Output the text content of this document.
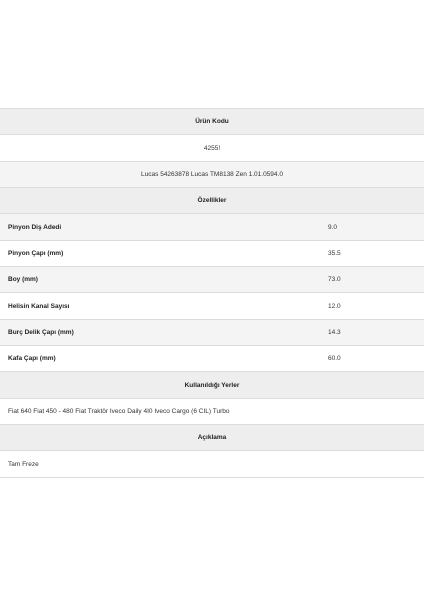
Ürün Kodu
4255!
Lucas 54263878 Lucas TM8138 Zen 1.01.0594.0
Özellikler
Pinyon Diş Adedi	9.0
Pinyon Çapı (mm)	35.5
Boy (mm)	73.0
Helisin Kanal Sayısı	12.0
Burç Delik Çapı (mm)	14.3
Kafa Çapı (mm)	60.0
Kullanıldığı Yerler
Fiat 640 Fiat 450 - 480 Fiat Traktör Iveco Daily 4I0 Iveco Cargo (6 CIL) Turbo
Açıklama
Tam Freze
